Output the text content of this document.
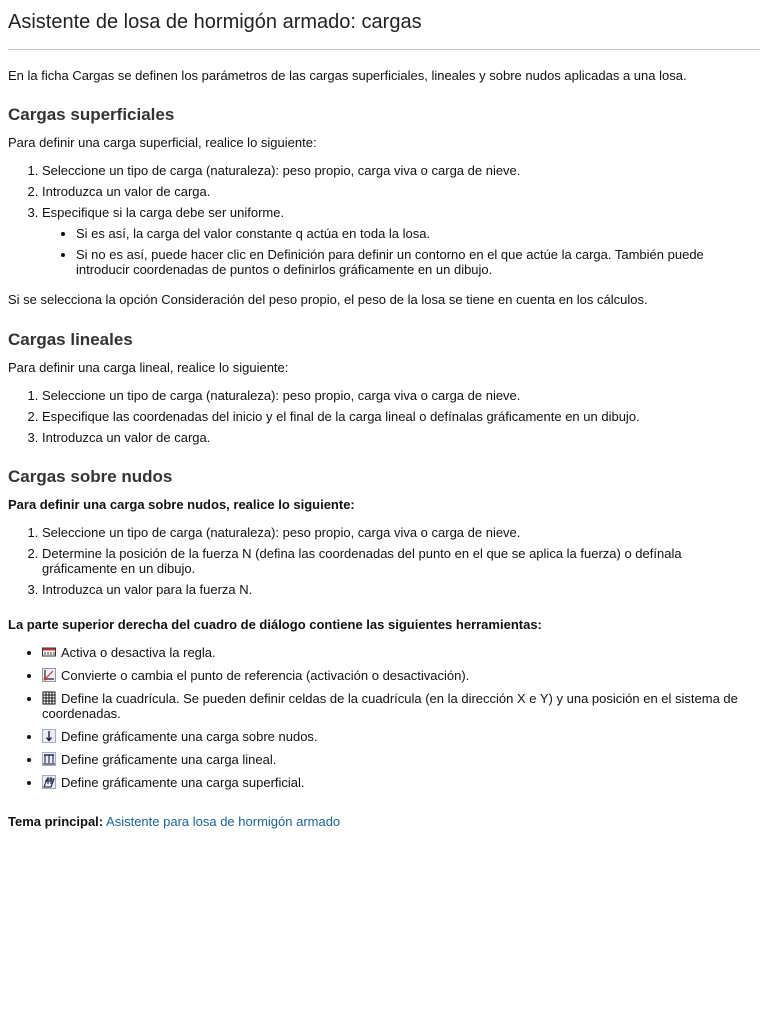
Asistente de losa de hormigón armado: cargas

En la ficha Cargas se definen los parámetros de las cargas superficiales, lineales y sobre nudos aplicadas a una losa.

Cargas superficiales

Para definir una carga superficial, realice lo siguiente:

1. Seleccione un tipo de carga (naturaleza): peso propio, carga viva o carga de nieve.
2. Introduzca un valor de carga.
3. Especifique si la carga debe ser uniforme.
• Si es así, la carga del valor constante q actúa en toda la losa.
• Si no es así, puede hacer clic en Definición para definir un contorno en el que actúe la carga. También puede introducir coordenadas de puntos o definirlos gráficamente en un dibujo.

Si se selecciona la opción Consideración del peso propio, el peso de la losa se tiene en cuenta en los cálculos.

Cargas lineales

Para definir una carga lineal, realice lo siguiente:

1. Seleccione un tipo de carga (naturaleza): peso propio, carga viva o carga de nieve.
2. Especifique las coordenadas del inicio y el final de la carga lineal o defínalas gráficamente en un dibujo.
3. Introduzca un valor de carga.
Cargas sobre nudos

Para definir una carga sobre nudos, realice lo siguiente:

1. Seleccione un tipo de carga (naturaleza): peso propio, carga viva o carga de nieve.
2. Determine la posición de la fuerza N (defina las coordenadas del punto en el que se aplica la fuerza) o defínala gráficamente en un dibujo.
3. Introduzca un valor para la fuerza N.

La parte superior derecha del cuadro de diálogo contiene las siguientes herramientas:

• Activa o desactiva la regla.
• Convierte o cambia el punto de referencia (activación o desactivación).
• Define la cuadrícula. Se pueden definir celdas de la cuadrícula (en la dirección X e Y) y una posición en el sistema de coordenadas.
• Define gráficamente una carga sobre nudos.
• Define gráficamente una carga lineal.
• Define gráficamente una carga superficial.

Tema principal: Asistente para losa de hormigón armado
